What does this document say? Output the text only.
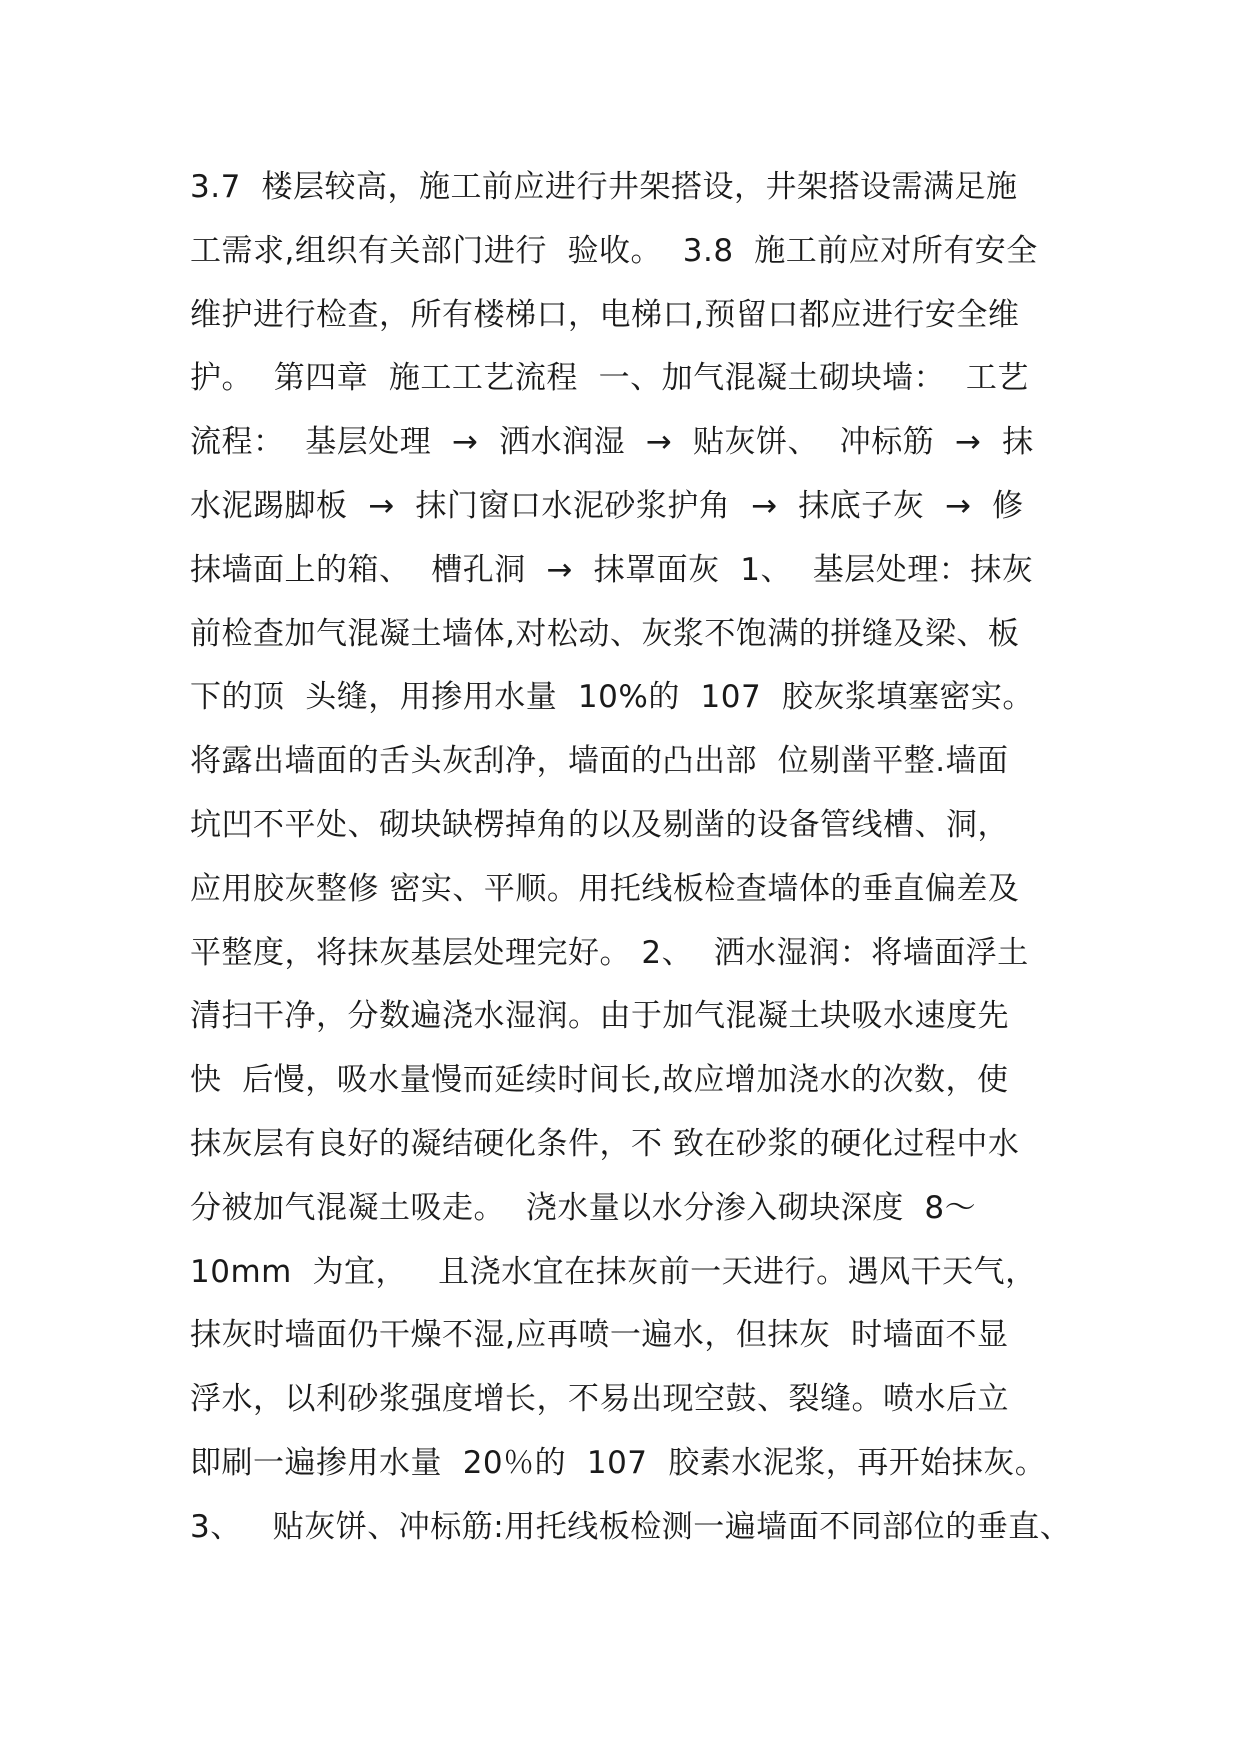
3.7  楼层较高，施工前应进行井架搭设，井架搭设需满足施
工需求,组织有关部门进行  验收。  3.8  施工前应对所有安全
维护进行检查，所有楼梯口，电梯口,预留口都应进行安全维
护。  第四章  施工工艺流程  一、加气混凝土砌块墙：  工艺
流程：  基层处理  →  洒水润湿  →  贴灰饼、  冲标筋  →  抹
水泥踢脚板  →  抹门窗口水泥砂浆护角  →  抹底子灰  →  修
抹墙面上的箱、  槽孔洞  →  抹罩面灰  1、  基层处理：抹灰
前检查加气混凝土墙体,对松动、灰浆不饱满的拼缝及梁、板
下的顶  头缝，用掺用水量  10%的  107  胶灰浆填塞密实。
将露出墙面的舌头灰刮净，墙面的凸出部  位剔凿平整.墙面
坑凹不平处、砌块缺楞掉角的以及剔凿的设备管线槽、洞，
应用胶灰整修 密实、平顺。用托线板检查墙体的垂直偏差及
平整度，将抹灰基层处理完好。 2、  洒水湿润：将墙面浮土
清扫干净，分数遍浇水湿润。由于加气混凝土块吸水速度先
快  后慢，吸水量慢而延续时间长,故应增加浇水的次数，使
抹灰层有良好的凝结硬化条件，不 致在砂浆的硬化过程中水
分被加气混凝土吸走。  浇水量以水分渗入砌块深度  8～
10mm  为宜，   且浇水宜在抹灰前一天进行。遇风干天气，
抹灰时墙面仍干燥不湿,应再喷一遍水，但抹灰  时墙面不显
浮水，以利砂浆强度增长，不易出现空鼓、裂缝。喷水后立
即刷一遍掺用水量  20％的  107  胶素水泥浆，再开始抹灰。
3、   贴灰饼、冲标筋:用托线板检测一遍墙面不同部位的垂直、
